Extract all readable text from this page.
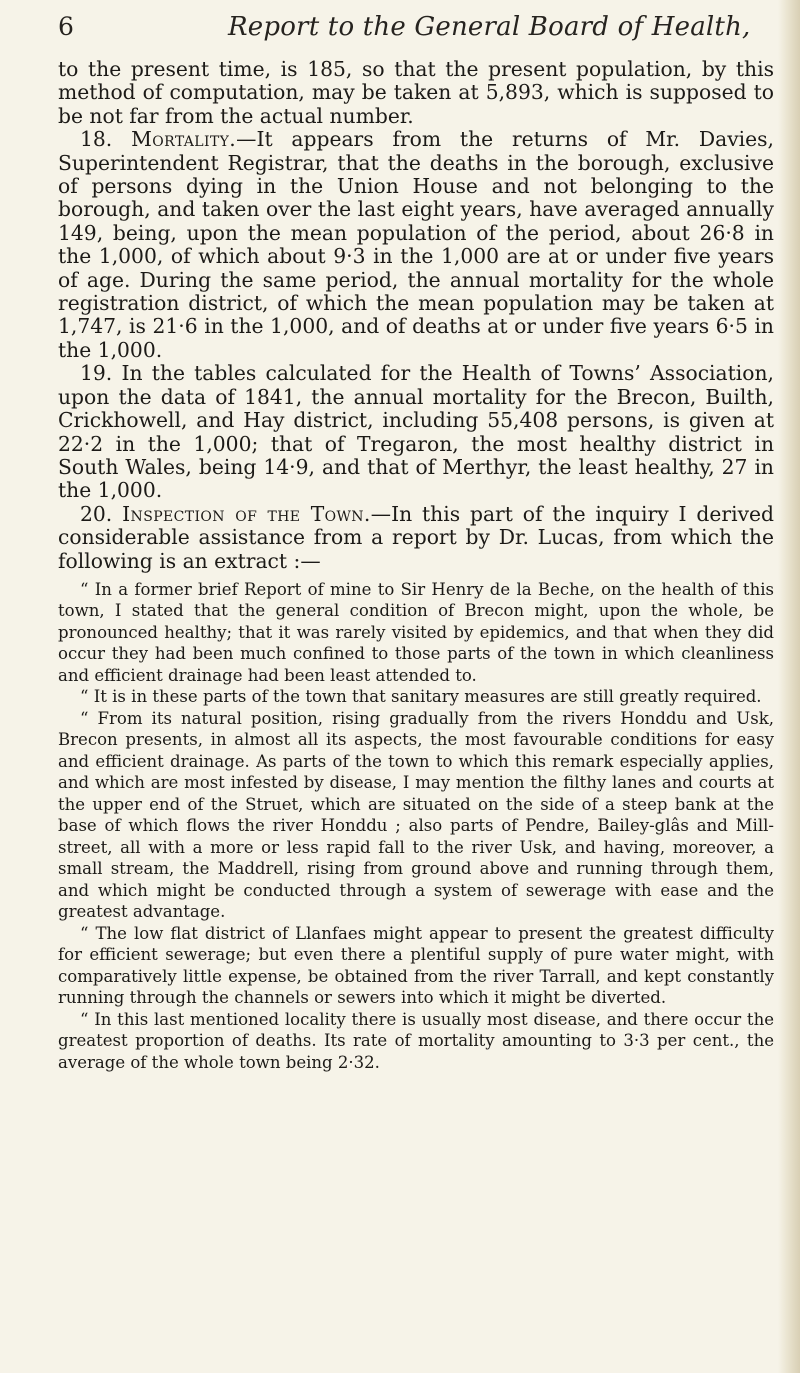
6	Report to the General Board of Health,

to the present time, is 185, so that the present population, by this method of computation, may be taken at 5,893, which is supposed to be not far from the actual number.

18. Mortality.—It appears from the returns of Mr. Davies, Superintendent Registrar, that the deaths in the borough, exclusive of persons dying in the Union House and not belonging to the borough, and taken over the last eight years, have averaged annually 149, being, upon the mean population of the period, about 26·8 in the 1,000, of which about 9·3 in the 1,000 are at or under five years of age. During the same period, the annual mortality for the whole registration district, of which the mean population may be taken at 1,747, is 21·6 in the 1,000, and of deaths at or under five years 6·5 in the 1,000.

19. In the tables calculated for the Health of Towns’ Association, upon the data of 1841, the annual mortality for the Brecon, Builth, Crickhowell, and Hay district, including 55,408 persons, is given at 22·2 in the 1,000; that of Tregaron, the most healthy district in South Wales, being 14·9, and that of Merthyr, the least healthy, 27 in the 1,000.

20. Inspection of the Town.—In this part of the inquiry I derived considerable assistance from a report by Dr. Lucas, from which the following is an extract :—

“ In a former brief Report of mine to Sir Henry de la Beche, on the health of this town, I stated that the general condition of Brecon might, upon the whole, be pronounced healthy; that it was rarely visited by epidemics, and that when they did occur they had been much confined to those parts of the town in which cleanliness and efficient drainage had been least attended to.

“ It is in these parts of the town that sanitary measures are still greatly required.

“ From its natural position, rising gradually from the rivers Honddu and Usk, Brecon presents, in almost all its aspects, the most favourable conditions for easy and efficient drainage. As parts of the town to which this remark especially applies, and which are most infested by disease, I may mention the filthy lanes and courts at the upper end of the Struet, which are situated on the side of a steep bank at the base of which flows the river Honddu ; also parts of Pendre, Bailey-glâs and Mill-street, all with a more or less rapid fall to the river Usk, and having, moreover, a small stream, the Maddrell, rising from ground above and running through them, and which might be conducted through a system of sewerage with ease and the greatest advantage.

“ The low flat district of Llanfaes might appear to present the greatest difficulty for efficient sewerage; but even there a plentiful supply of pure water might, with comparatively little expense, be obtained from the river Tarrall, and kept constantly running through the channels or sewers into which it might be diverted.

“ In this last mentioned locality there is usually most disease, and there occur the greatest proportion of deaths. Its rate of mortality amounting to 3·3 per cent., the average of the whole town being 2·32.
